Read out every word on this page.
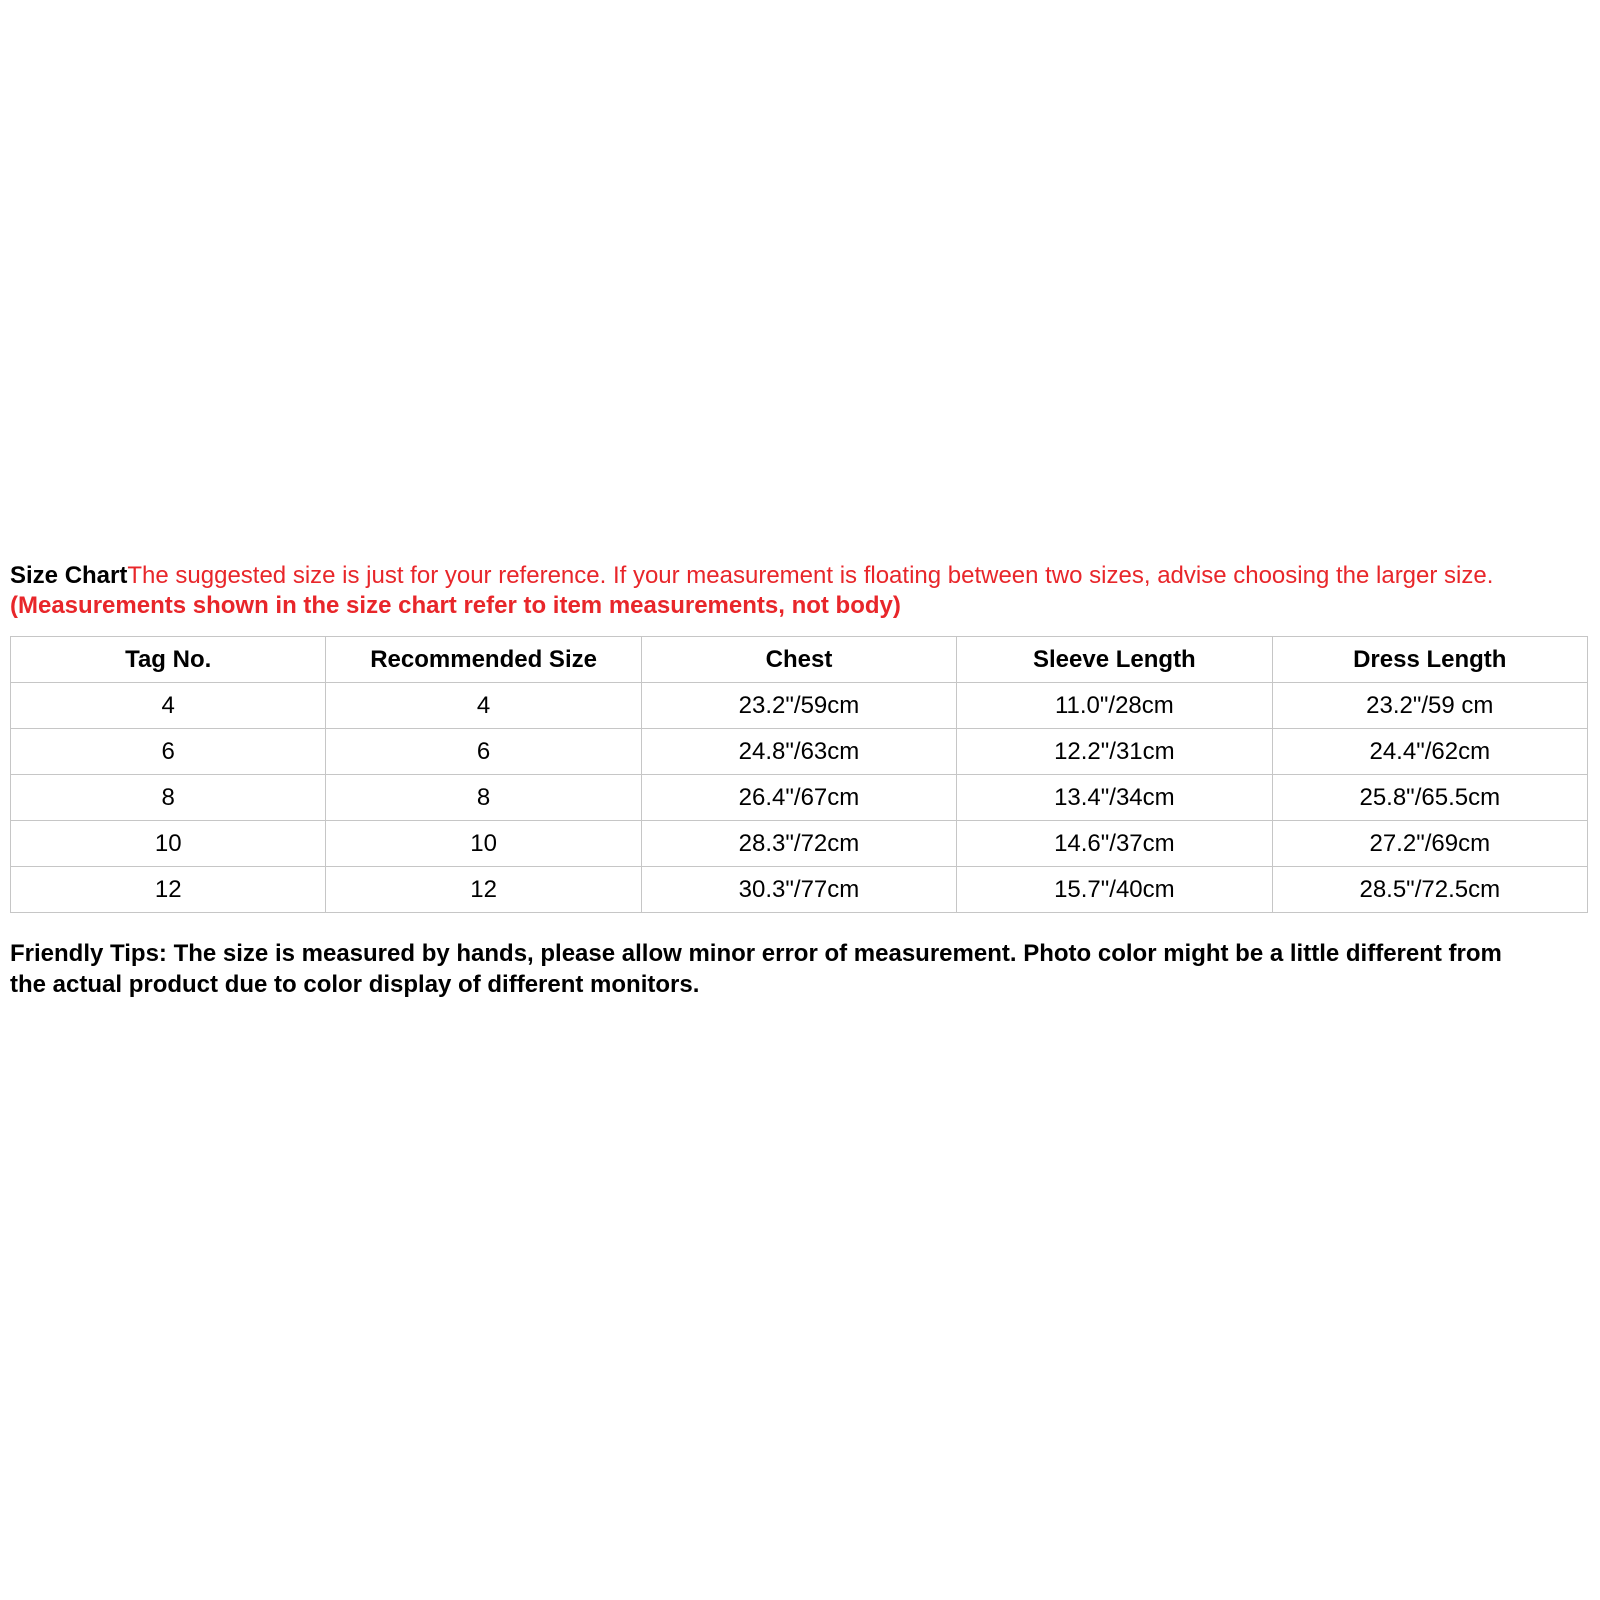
Size ChartThe suggested size is just for your reference. If your measurement is floating between two sizes, advise choosing the larger size. (Measurements shown in the size chart refer to item measurements, not body)

Tag No.	Recommended Size	Chest	Sleeve Length	Dress Length
4	4	23.2"/59cm	11.0"/28cm	23.2"/59 cm
6	6	24.8"/63cm	12.2"/31cm	24.4"/62cm
8	8	26.4"/67cm	13.4"/34cm	25.8"/65.5cm
10	10	28.3"/72cm	14.6"/37cm	27.2"/69cm
12	12	30.3"/77cm	15.7"/40cm	28.5"/72.5cm

Friendly Tips: The size is measured by hands, please allow minor error of measurement. Photo color might be a little different from the actual product due to color display of different monitors.
